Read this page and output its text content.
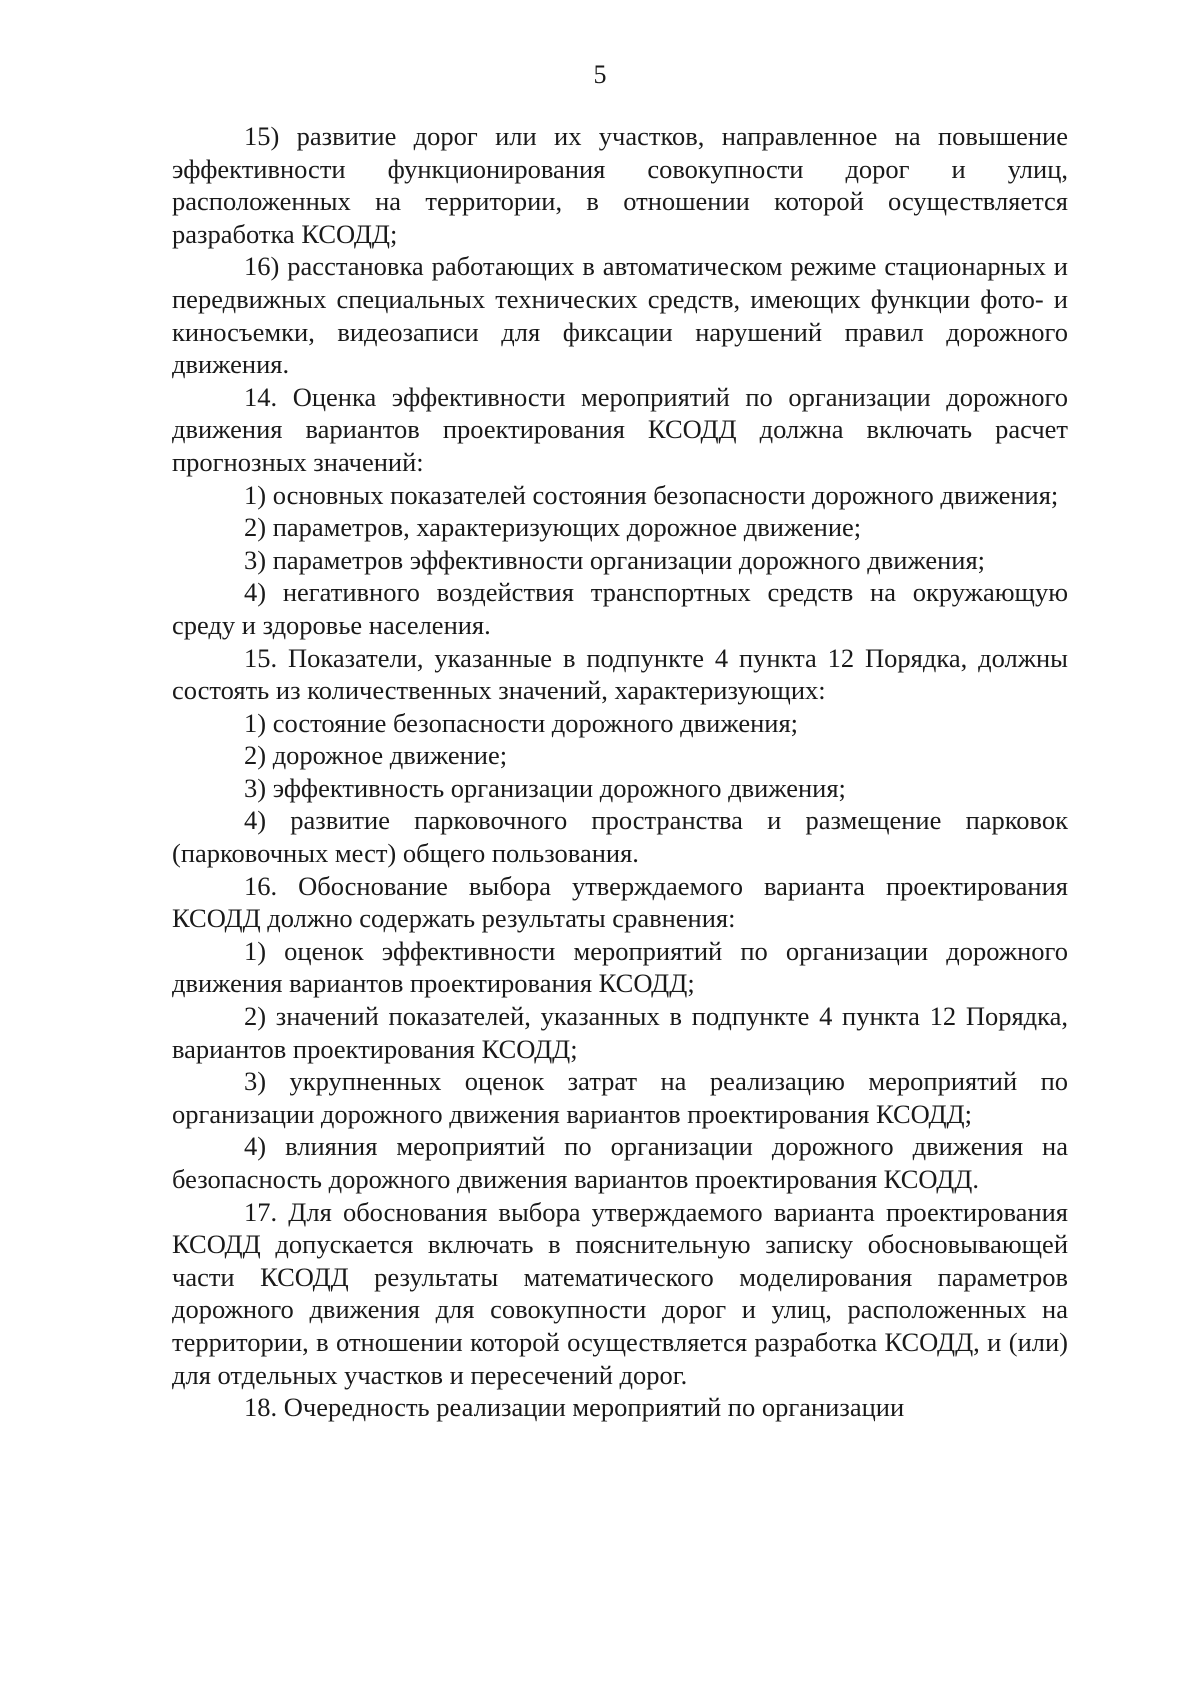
5

15) развитие дорог или их участков, направленное на повышение эффективности функционирования совокупности дорог и улиц, расположенных на территории, в отношении которой осуществляется разработка КСОДД;

16) расстановка работающих в автоматическом режиме стационарных и передвижных специальных технических средств, имеющих функции фото- и киносъемки, видеозаписи для фиксации нарушений правил дорожного движения.

14. Оценка эффективности мероприятий по организации дорожного движения вариантов проектирования КСОДД должна включать расчет прогнозных значений:

1) основных показателей состояния безопасности дорожного движения;

2) параметров, характеризующих дорожное движение;

3) параметров эффективности организации дорожного движения;

4) негативного воздействия транспортных средств на окружающую среду и здоровье населения.

15. Показатели, указанные в подпункте 4 пункта 12 Порядка, должны состоять из количественных значений, характеризующих:

1) состояние безопасности дорожного движения;

2) дорожное движение;

3) эффективность организации дорожного движения;

4) развитие парковочного пространства и размещение парковок (парковочных мест) общего пользования.

16. Обоснование выбора утверждаемого варианта проектирования КСОДД должно содержать результаты сравнения:

1) оценок эффективности мероприятий по организации дорожного движения вариантов проектирования КСОДД;

2) значений показателей, указанных в подпункте 4 пункта 12 Порядка, вариантов проектирования КСОДД;

3) укрупненных оценок затрат на реализацию мероприятий по организации дорожного движения вариантов проектирования КСОДД;

4) влияния мероприятий по организации дорожного движения на безопасность дорожного движения вариантов проектирования КСОДД.

17. Для обоснования выбора утверждаемого варианта проектирования КСОДД допускается включать в пояснительную записку обосновывающей части КСОДД результаты математического моделирования параметров дорожного движения для совокупности дорог и улиц, расположенных на территории, в отношении которой осуществляется разработка КСОДД, и (или) для отдельных участков и пересечений дорог.

18. Очередность реализации мероприятий по организации
